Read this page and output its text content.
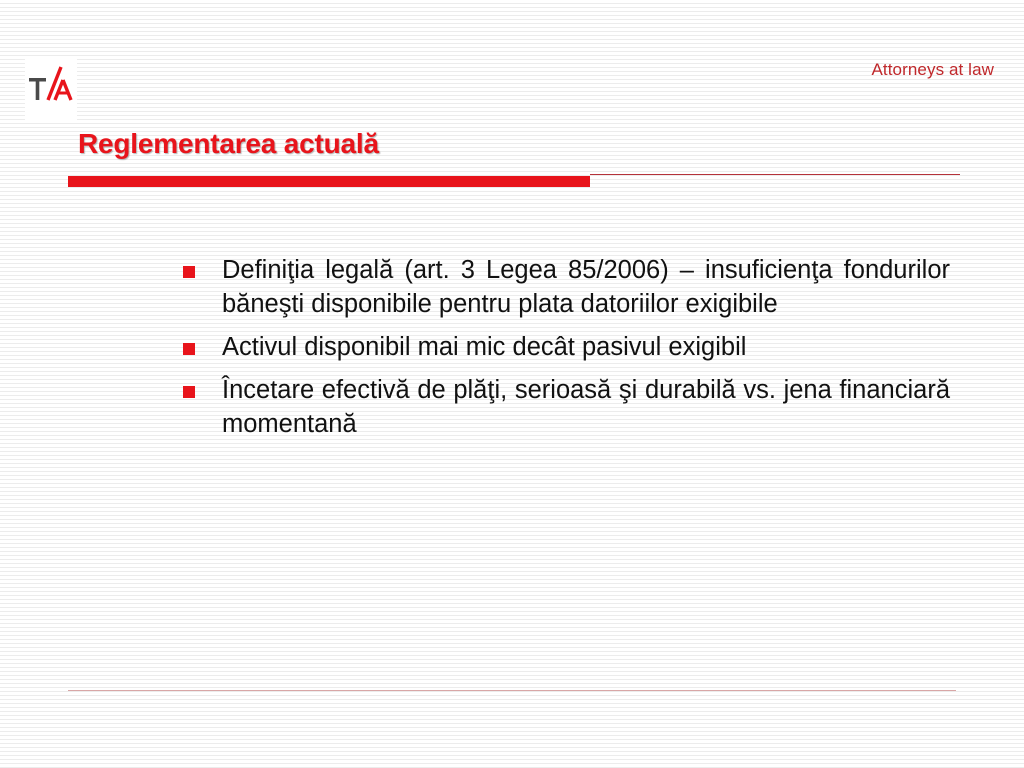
Attorneys at law
Reglementarea actuală
Definiţia legală (art. 3 Legea 85/2006) – insuficienţa fondurilor băneşti disponibile pentru plata datoriilor exigibile
Activul disponibil mai mic decât pasivul exigibil
Încetare efectivă de plăţi, serioasă şi durabilă vs. jena financiară momentană
